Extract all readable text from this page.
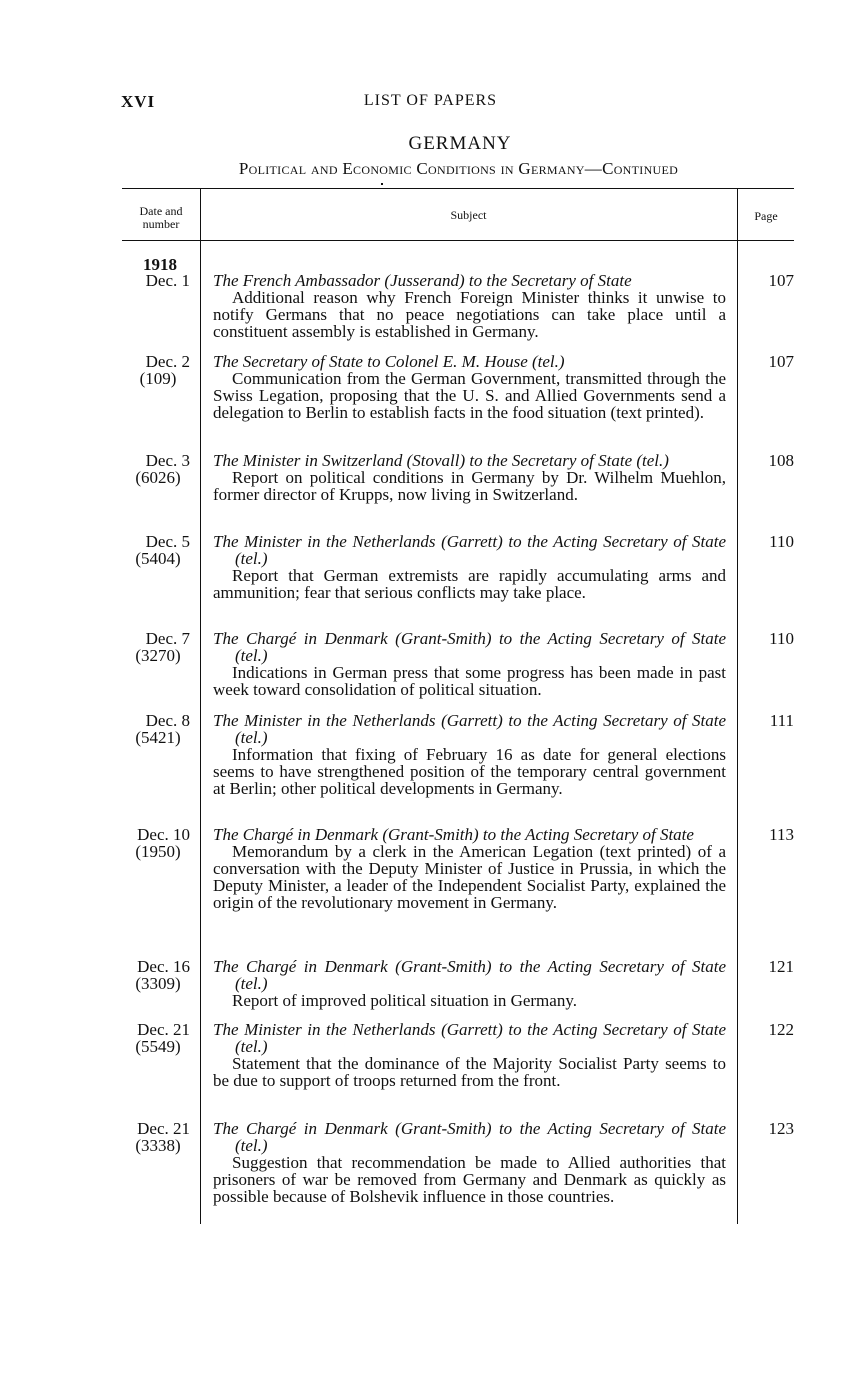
XVI	LIST OF PAPERS
GERMANY
Political and Economic Conditions in Germany—Continued
Date and
number
Subject	Page
1918
Dec. 1 The French Ambassador (Jusserand) to the Secretary of State
Additional reason why French Foreign Minister thinks it unwise to notify Germans that no peace negotiations can take place until a constituent assembly is established in Germany.
107
Dec. 2
(109)
The Secretary of State to Colonel E. M. House (tel.)
Communication from the German Government, transmitted through the Swiss Legation, proposing that the U. S. and Allied Governments send a delegation to Berlin to establish facts in the food situation (text printed).
107
Dec. 3
(6026)
The Minister in Switzerland (Stovall) to the Secretary of State (tel.)
Report on political conditions in Germany by Dr. Wilhelm Muehlon, former director of Krupps, now living in Switzerland.
108
Dec. 5
(5404)
The Minister in the Netherlands (Garrett) to the Acting Secretary of State (tel.)
Report that German extremists are rapidly accumulating arms and ammunition; fear that serious conflicts may take place.
110
Dec. 7
(3270)
The Chargé in Denmark (Grant-Smith) to the Acting Secretary of State (tel.)
Indications in German press that some progress has been made in past week toward consolidation of political situation.
110
Dec. 8
(5421)
The Minister in the Netherlands (Garrett) to the Acting Secretary of State (tel.)
Information that fixing of February 16 as date for general elections seems to have strengthened position of the temporary central government at Berlin; other political developments in Germany.
111
Dec. 10
(1950)
The Chargé in Denmark (Grant-Smith) to the Acting Secretary of State
Memorandum by a clerk in the American Legation (text printed) of a conversation with the Deputy Minister of Justice in Prussia, in which the Deputy Minister, a leader of the Independent Socialist Party, explained the origin of the revolutionary movement in Germany.
113
Dec. 16
(3309)
The Chargé in Denmark (Grant-Smith) to the Acting Secretary of State (tel.)
Report of improved political situation in Germany.
121
Dec. 21
(5549)
The Minister in the Netherlands (Garrett) to the Acting Secretary of State (tel.)
Statement that the dominance of the Majority Socialist Party seems to be due to support of troops returned from the front.
122
Dec. 21
(3338)
The Chargé in Denmark (Grant-Smith) to the Acting Secretary of State (tel.)
Suggestion that recommendation be made to Allied authorities that prisoners of war be removed from Germany and Denmark as quickly as possible because of Bolshevik influence in those countries.
123
